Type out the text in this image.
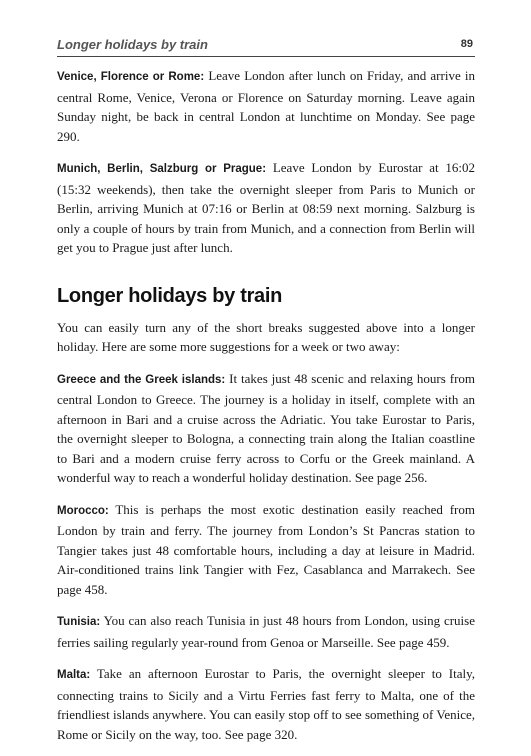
Longer holidays by train	89

Venice, Florence or Rome: Leave London after lunch on Friday, and arrive in central Rome, Venice, Verona or Florence on Saturday morning. Leave again Sunday night, be back in central London at lunchtime on Monday. See page 290.

Munich, Berlin, Salzburg or Prague: Leave London by Eurostar at 16:02 (15:32 weekends), then take the overnight sleeper from Paris to Munich or Berlin, arriving Munich at 07:16 or Berlin at 08:59 next morning. Salzburg is only a couple of hours by train from Munich, and a connection from Berlin will get you to Prague just after lunch.

Longer holidays by train

You can easily turn any of the short breaks suggested above into a longer holiday. Here are some more suggestions for a week or two away:

Greece and the Greek islands: It takes just 48 scenic and relaxing hours from central London to Greece. The journey is a holiday in itself, complete with an afternoon in Bari and a cruise across the Adriatic. You take Eurostar to Paris, the overnight sleeper to Bologna, a connecting train along the Italian coastline to Bari and a modern cruise ferry across to Corfu or the Greek mainland. A wonderful way to reach a wonderful holiday destination. See page 256.

Morocco: This is perhaps the most exotic destination easily reached from London by train and ferry. The journey from London’s St Pancras station to Tangier takes just 48 comfortable hours, including a day at leisure in Madrid. Air-conditioned trains link Tangier with Fez, Casablanca and Marrakech. See page 458.

Tunisia: You can also reach Tunisia in just 48 hours from London, using cruise ferries sailing regularly year-round from Genoa or Marseille. See page 459.

Malta: Take an afternoon Eurostar to Paris, the overnight sleeper to Italy, connecting trains to Sicily and a Virtu Ferries fast ferry to Malta, one of the friendliest islands anywhere. You can easily stop off to see something of Venice, Rome or Sicily on the way, too. See page 320.
